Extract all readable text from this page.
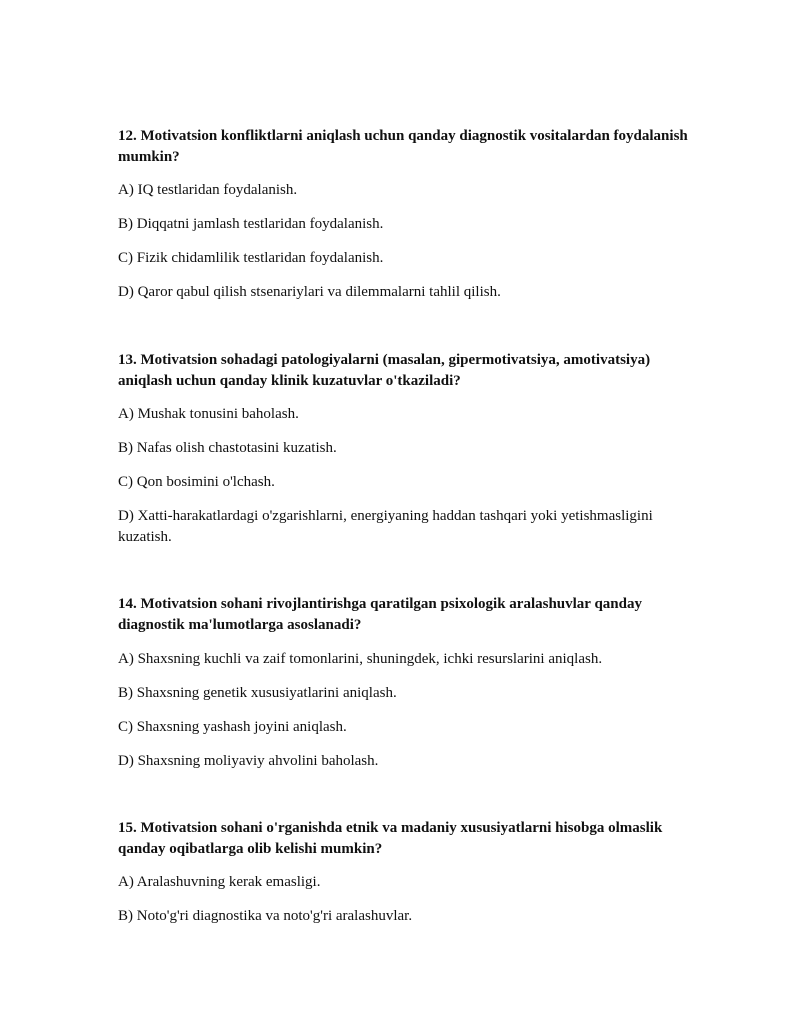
12. Motivatsion konfliktlarni aniqlash uchun qanday diagnostik vositalardan foydalanish mumkin?

A) IQ testlaridan foydalanish.

B) Diqqatni jamlash testlaridan foydalanish.

C) Fizik chidamlilik testlaridan foydalanish.

D) Qaror qabul qilish stsenariylari va dilemmalarni tahlil qilish.

13. Motivatsion sohadagi patologiyalarni (masalan, gipermotivatsiya, amotivatsiya) aniqlash uchun qanday klinik kuzatuvlar o'tkaziladi?

A) Mushak tonusini baholash.

B) Nafas olish chastotasini kuzatish.

C) Qon bosimini o'lchash.

D) Xatti-harakatlardagi o'zgarishlarni, energiyaning haddan tashqari yoki yetishmasligini kuzatish.

14. Motivatsion sohani rivojlantirishga qaratilgan psixologik aralashuvlar qanday diagnostik ma'lumotlarga asoslanadi?

A) Shaxsning kuchli va zaif tomonlarini, shuningdek, ichki resurslarini aniqlash.

B) Shaxsning genetik xususiyatlarini aniqlash.

C) Shaxsning yashash joyini aniqlash.

D) Shaxsning moliyaviy ahvolini baholash.

15. Motivatsion sohani o'rganishda etnik va madaniy xususiyatlarni hisobga olmaslik qanday oqibatlarga olib kelishi mumkin?

A) Aralashuvning kerak emasligi.

B) Noto'g'ri diagnostika va noto'g'ri aralashuvlar.
